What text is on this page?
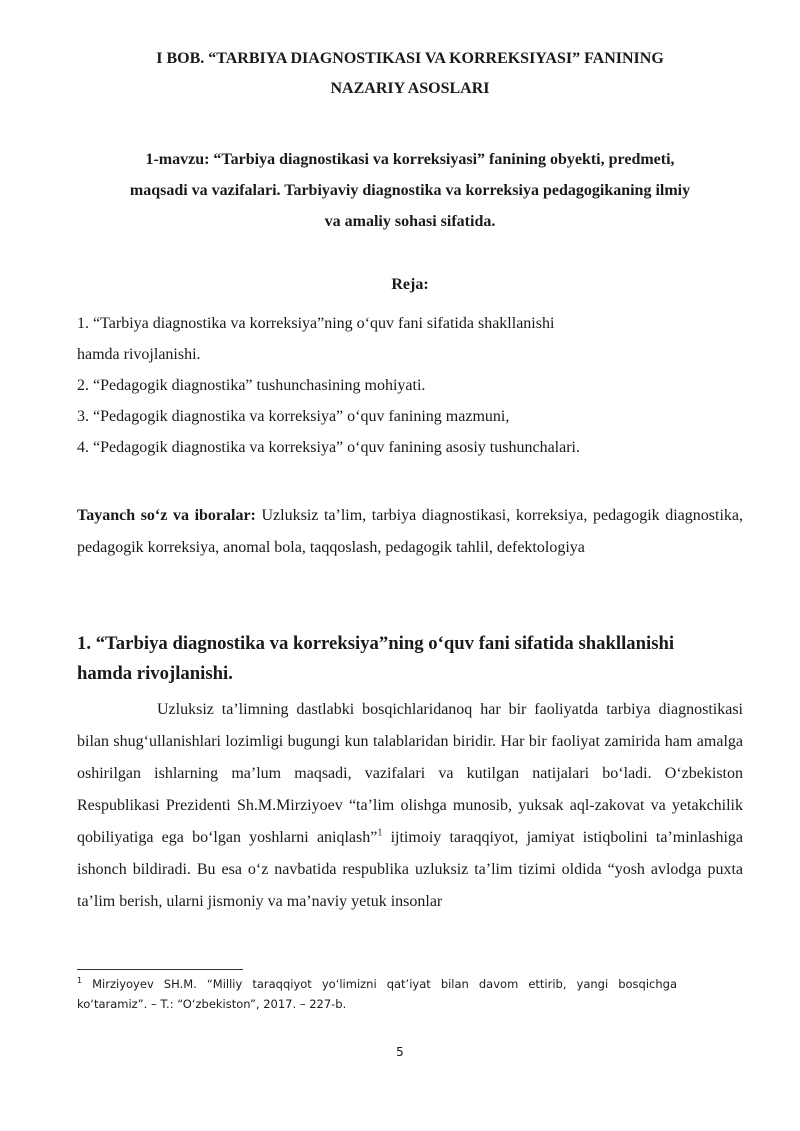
I BOB. “TARBIYA DIAGNOSTIKASI VA KORREKSIYASI” FANINING
NAZARIY ASOSLARI
1-mavzu: “Tarbiya diagnostikasi va korreksiyasi” fanining obyekti, predmeti,
maqsadi va vazifalari. Tarbiyaviy diagnostika va korreksiya pedagogikaning ilmiy
va amaliy sohasi sifatida.
Reja:
1. “Tarbiya diagnostika va korreksiya”ning o‘quv fani sifatida shakllanishi
hamda rivojlanishi.
2. “Pedagogik diagnostika” tushunchasining mohiyati.
3. “Pedagogik diagnostika va korreksiya” o‘quv fanining mazmuni,
4. “Pedagogik diagnostika va korreksiya” o‘quv fanining asosiy tushunchalari.

Tayanch so‘z va iboralar: Uzluksiz ta’lim, tarbiya diagnostikasi, korreksiya, pedagogik diagnostika, pedagogik korreksiya, anomal bola, taqqoslash, pedagogik tahlil, defektologiya

1. “Tarbiya diagnostika va korreksiya”ning o‘quv fani sifatida shakllanishi
hamda rivojlanishi.

Uzluksiz ta’limning dastlabki bosqichlaridanoq har bir faoliyatda tarbiya diagnostikasi bilan shug‘ullanishlari lozimligi bugungi kun talablaridan biridir. Har bir faoliyat zamirida ham amalga oshirilgan ishlarning ma’lum maqsadi, vazifalari va kutilgan natijalari bo‘ladi. O‘zbekiston Respublikasi Prezidenti Sh.M.Mirziyoev “ta’lim olishga munosib, yuksak aql-zakovat va yetakchilik qobiliyatiga ega bo‘lgan yoshlarni aniqlash”$^1$ ijtimoiy taraqqiyot, jamiyat istiqbolini ta’minlashiga ishonch bildiradi. Bu esa o‘z navbatida respublika uzluksiz ta’lim tizimi oldida “yosh avlodga puxta ta’lim berish, ularni jismoniy va ma’naviy yetuk insonlar

$^1$ Mirziyoyev SH.M. “Milliy taraqqiyot yo‘limizni qat’iyat bilan davom ettirib, yangi bosqichga ko‘taramiz”. – T.: “O‘zbekiston”, 2017. – 227-b.

5
